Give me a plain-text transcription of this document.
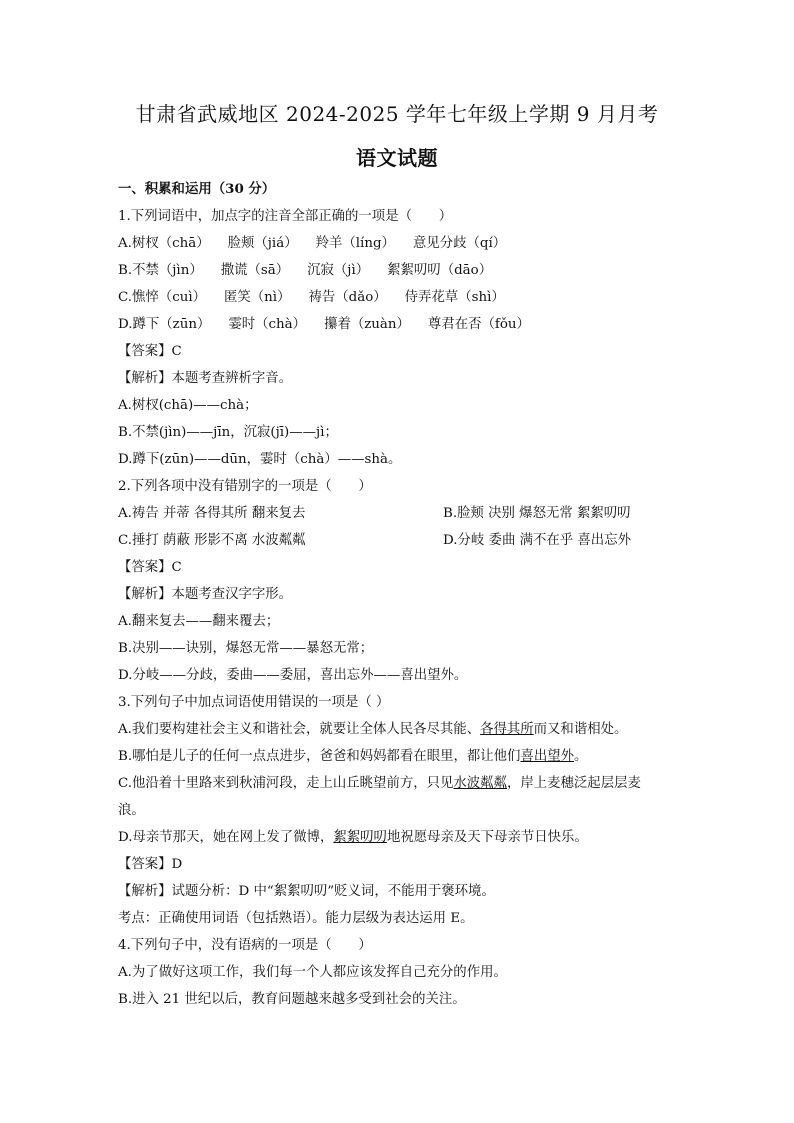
甘肃省武威地区 2024-2025 学年七年级上学期 9 月月考
语文试题
一、积累和运用（30 分）
1.下列词语中，加点字的注音全部正确的一项是（　　）
A.树杈（chā） 脸颊（jiá） 羚羊（líng） 意见分歧（qí）
B.不禁（jìn） 撒谎（sā） 沉寂（jì） 絮絮叨叨（dāo）
C.憔悴（cuì） 匿笑（nì） 祷告（dǎo） 侍弄花草（shì）
D.蹲下（zūn） 霎时（chà） 攥着（zuàn） 尊君在否（fǒu）
【答案】C
【解析】本题考查辨析字音。
A.树杈(chā)——chà；
B.不禁(jìn)——jīn，沉寂(jī)——jì；
D.蹲下(zūn)——dūn，霎时（chà）——shà。
2.下列各项中没有错别字的一项是（　　）
A.祷告 并蒂 各得其所 翻来复去	B.脸颊 决别 爆怒无常 絮絮叨叨
C.捶打 荫蔽 形影不离 水波粼粼	D.分岐 委曲 满不在乎 喜出忘外
【答案】C
【解析】本题考查汉字字形。
A.翻来复去——翻来覆去；
B.决别——诀别，爆怒无常——暴怒无常；
D.分岐——分歧，委曲——委屈，喜出忘外——喜出望外。
3.下列句子中加点词语使用错误的一项是（ ）
A.我们要构建社会主义和谐社会，就要让全体人民各尽其能、各得其所而又和谐相处。
B.哪怕是儿子的任何一点点进步，爸爸和妈妈都看在眼里，都让他们喜出望外。
C.他沿着十里路来到秋浦河段，走上山丘眺望前方，只见水波粼粼，岸上麦穗泛起层层麦
浪。
D.母亲节那天，她在网上发了微博，絮絮叨叨地祝愿母亲及天下母亲节日快乐。
【答案】D
【解析】试题分析：D 中“絮絮叨叨”贬义词，不能用于褒环境。
考点：正确使用词语（包括熟语）。能力层级为表达运用 E。
4.下列句子中，没有语病的一项是（　　）
A.为了做好这项工作，我们每一个人都应该发挥自己充分的作用。
B.进入 21 世纪以后，教育问题越来越多受到社会的关注。
